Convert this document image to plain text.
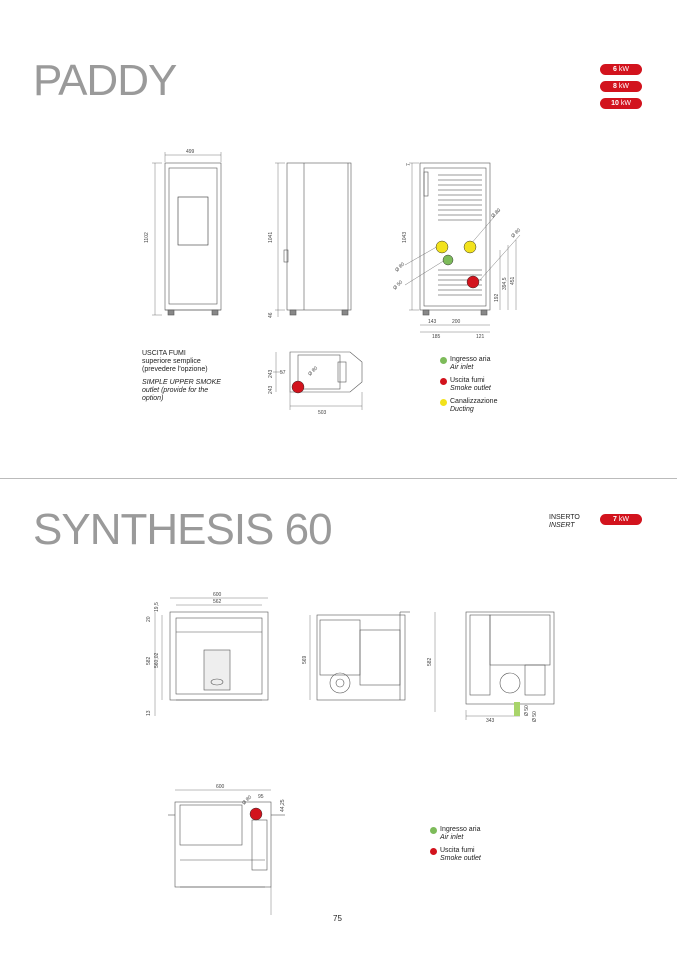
PADDY
SYNTHESIS 60
6 kW
8 kW
10 kW
INSERTO
INSERT
7 kW
499
1102	1041
46
1043
7
Ø 80
Ø 80
Ø 80
Ø 50
192
394,5 451
143	200
185	121
243
243
57	Ø 80
503
600
562
582 560,02
19,5
20
13
569	582
343
Ø 50
Ø 50
600
95
Ø 80	44,25
USCITA FUMI
superiore semplice
(prevedere l'opzione)
SIMPLE UPPER SMOKE
outlet (provide for the
option)
Ingresso aria
Air inlet
Uscita fumi
Smoke outlet
Canalizzazione
Ducting
Ingresso aria
Air inlet
Uscita fumi
Smoke outlet
75
